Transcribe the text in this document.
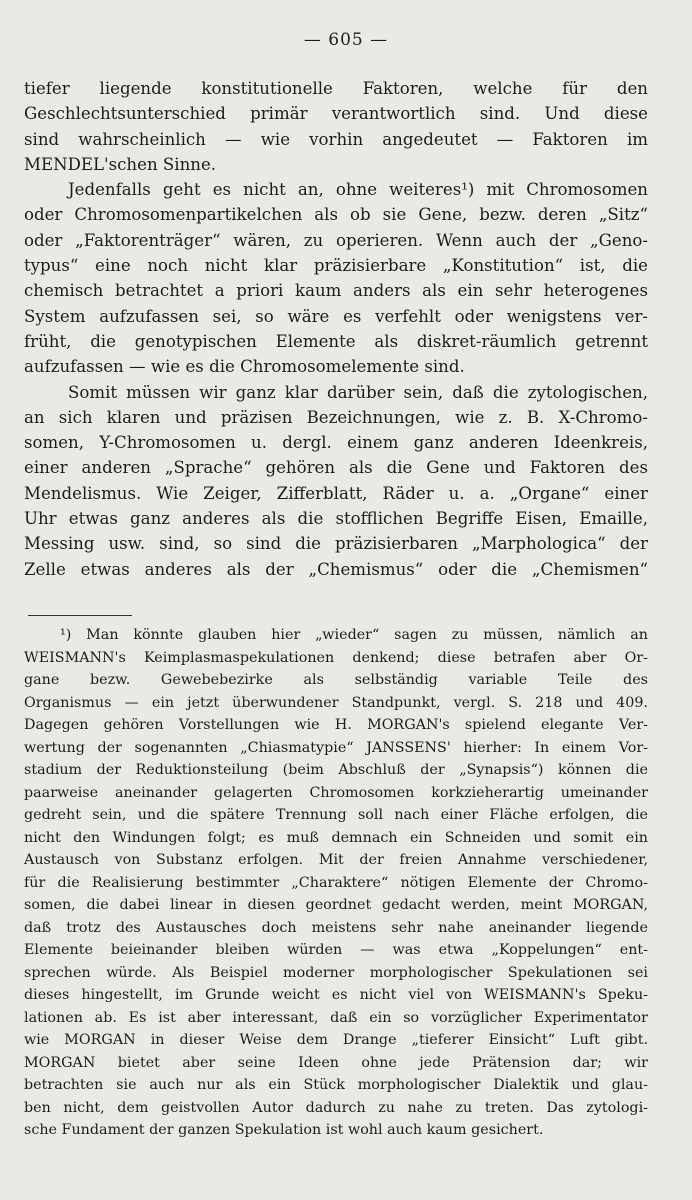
— 605 —
tiefer liegende konstitutionelle Faktoren, welche für den
Geschlechtsunterschied primär verantwortlich sind. Und diese
sind wahrscheinlich — wie vorhin angedeutet — Faktoren im
MENDEL'schen Sinne.
Jedenfalls geht es nicht an, ohne weiteres¹) mit Chromosomen
oder Chromosomenpartikelchen als ob sie Gene, bezw. deren „Sitz“
oder „Faktorenträger“ wären, zu operieren. Wenn auch der „Geno-
typus“ eine noch nicht klar präzisierbare „Konstitution“ ist, die
chemisch betrachtet a priori kaum anders als ein sehr heterogenes
System aufzufassen sei, so wäre es verfehlt oder wenigstens ver-
früht, die genotypischen Elemente als diskret-räumlich getrennt
aufzufassen — wie es die Chromosomelemente sind.
Somit müssen wir ganz klar darüber sein, daß die zytologischen,
an sich klaren und präzisen Bezeichnungen, wie z. B. X-Chromo-
somen, Y-Chromosomen u. dergl. einem ganz anderen Ideenkreis,
einer anderen „Sprache“ gehören als die Gene und Faktoren des
Mendelismus. Wie Zeiger, Zifferblatt, Räder u. a. „Organe“ einer
Uhr etwas ganz anderes als die stofflichen Begriffe Eisen, Emaille,
Messing usw. sind, so sind die präzisierbaren „Marphologica“ der
Zelle etwas anderes als der „Chemismus“ oder die „Chemismen“
¹) Man könnte glauben hier „wieder“ sagen zu müssen, nämlich an
WEISMANN's Keimplasmaspekulationen denkend; diese betrafen aber Or-
gane bezw. Gewebebezirke als selbständig variable Teile des
Organismus — ein jetzt überwundener Standpunkt, vergl. S. 218 und 409.
Dagegen gehören Vorstellungen wie H. MORGAN's spielend elegante Ver-
wertung der sogenannten „Chiasmatypie“ JANSSENS' hierher: In einem Vor-
stadium der Reduktionsteilung (beim Abschluß der „Synapsis“) können die
paarweise aneinander gelagerten Chromosomen korkzieherartig umeinander
gedreht sein, und die spätere Trennung soll nach einer Fläche erfolgen, die
nicht den Windungen folgt; es muß demnach ein Schneiden und somit ein
Austausch von Substanz erfolgen. Mit der freien Annahme verschiedener,
für die Realisierung bestimmter „Charaktere“ nötigen Elemente der Chromo-
somen, die dabei linear in diesen geordnet gedacht werden, meint MORGAN,
daß trotz des Austausches doch meistens sehr nahe aneinander liegende
Elemente beieinander bleiben würden — was etwa „Koppelungen“ ent-
sprechen würde. Als Beispiel moderner morphologischer Spekulationen sei
dieses hingestellt, im Grunde weicht es nicht viel von WEISMANN's Speku-
lationen ab. Es ist aber interessant, daß ein so vorzüglicher Experimentator
wie MORGAN in dieser Weise dem Drange „tieferer Einsicht“ Luft gibt.
MORGAN bietet aber seine Ideen ohne jede Prätension dar; wir
betrachten sie auch nur als ein Stück morphologischer Dialektik und glau-
ben nicht, dem geistvollen Autor dadurch zu nahe zu treten. Das zytologi-
sche Fundament der ganzen Spekulation ist wohl auch kaum gesichert.
